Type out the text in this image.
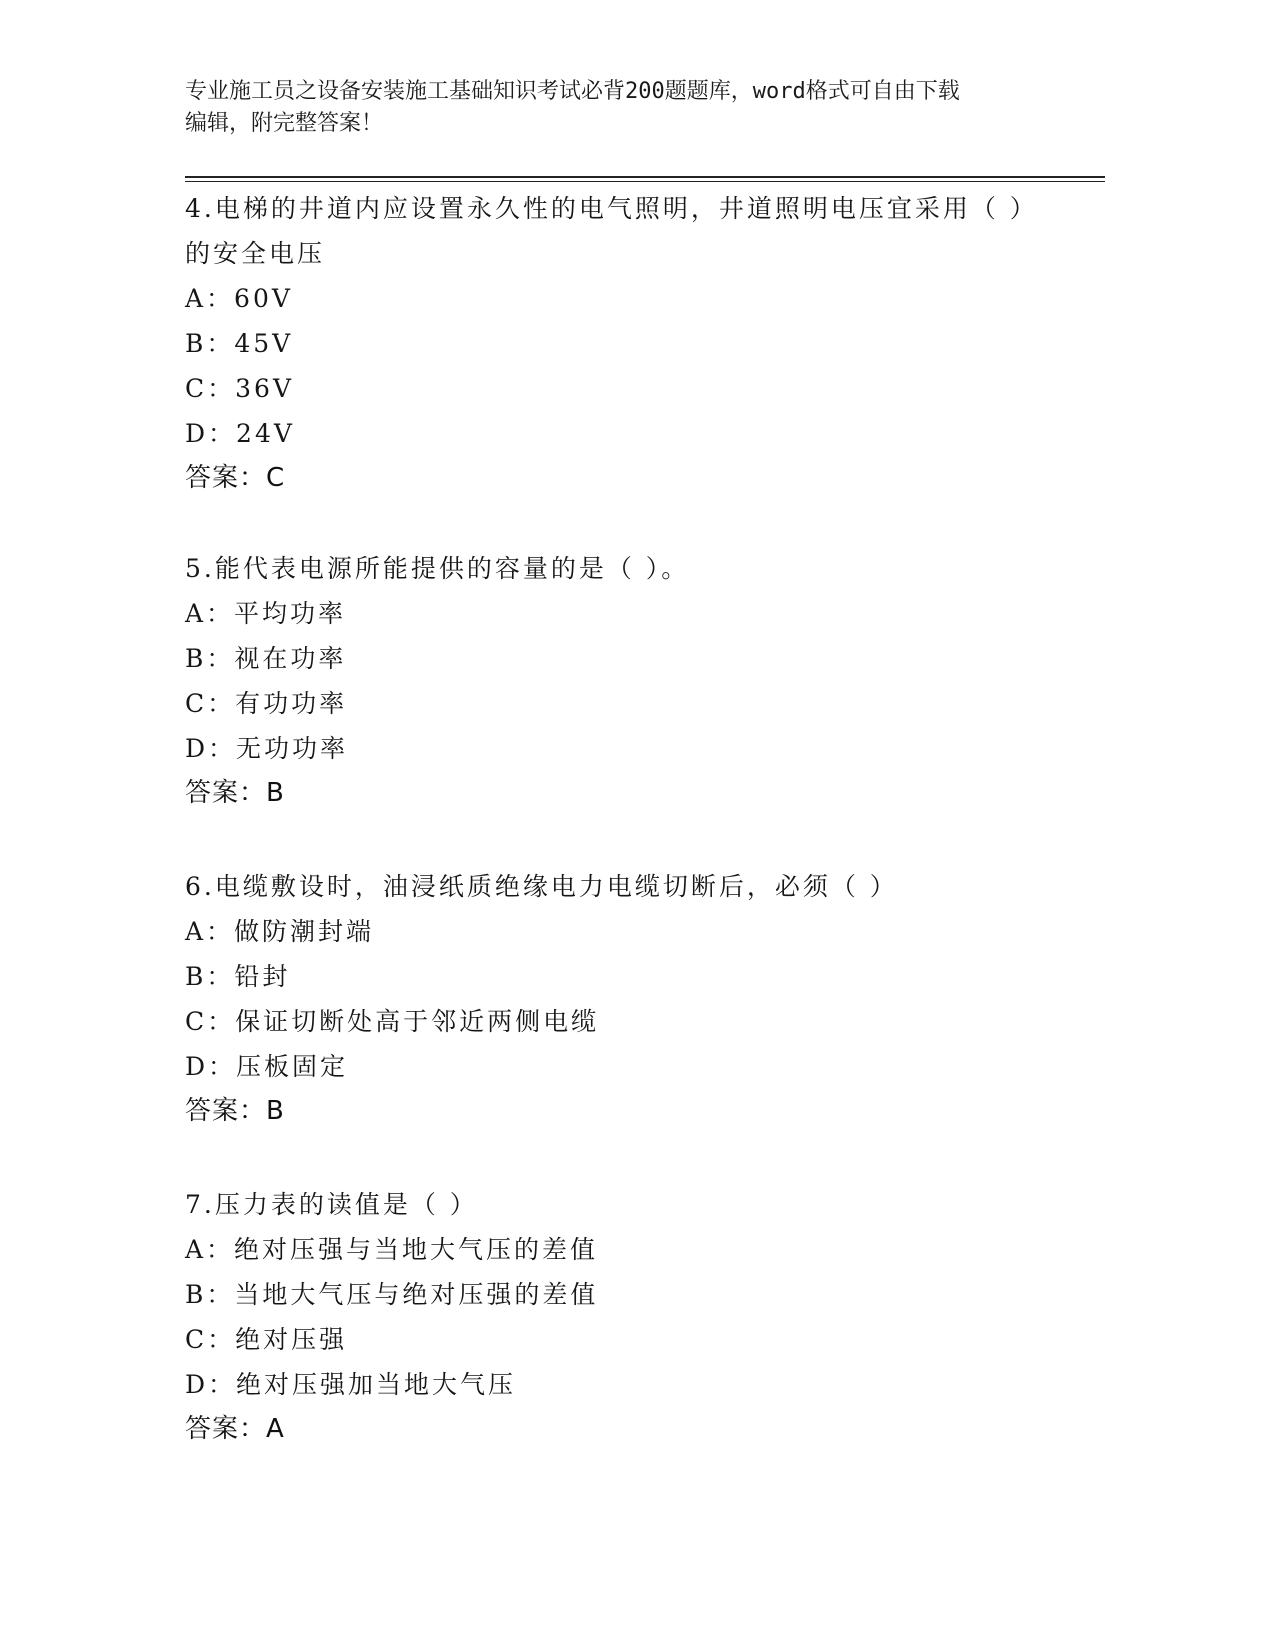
专业施工员之设备安装施工基础知识考试必背200题题库，word格式可自由下载
编辑，附完整答案！
4.电梯的井道内应设置永久性的电气照明，井道照明电压宜采用（ ）
的安全电压
A：60V
B：45V
C：36V
D：24V
答案：C
5.能代表电源所能提供的容量的是（ ）。
A：平均功率
B：视在功率
C：有功功率
D：无功功率
答案：B
6.电缆敷设时，油浸纸质绝缘电力电缆切断后，必须（ ）
A：做防潮封端
B：铅封
C：保证切断处高于邻近两侧电缆
D：压板固定
答案：B
7.压力表的读值是（ ）
A：绝对压强与当地大气压的差值
B：当地大气压与绝对压强的差值
C：绝对压强
D：绝对压强加当地大气压
答案：A
